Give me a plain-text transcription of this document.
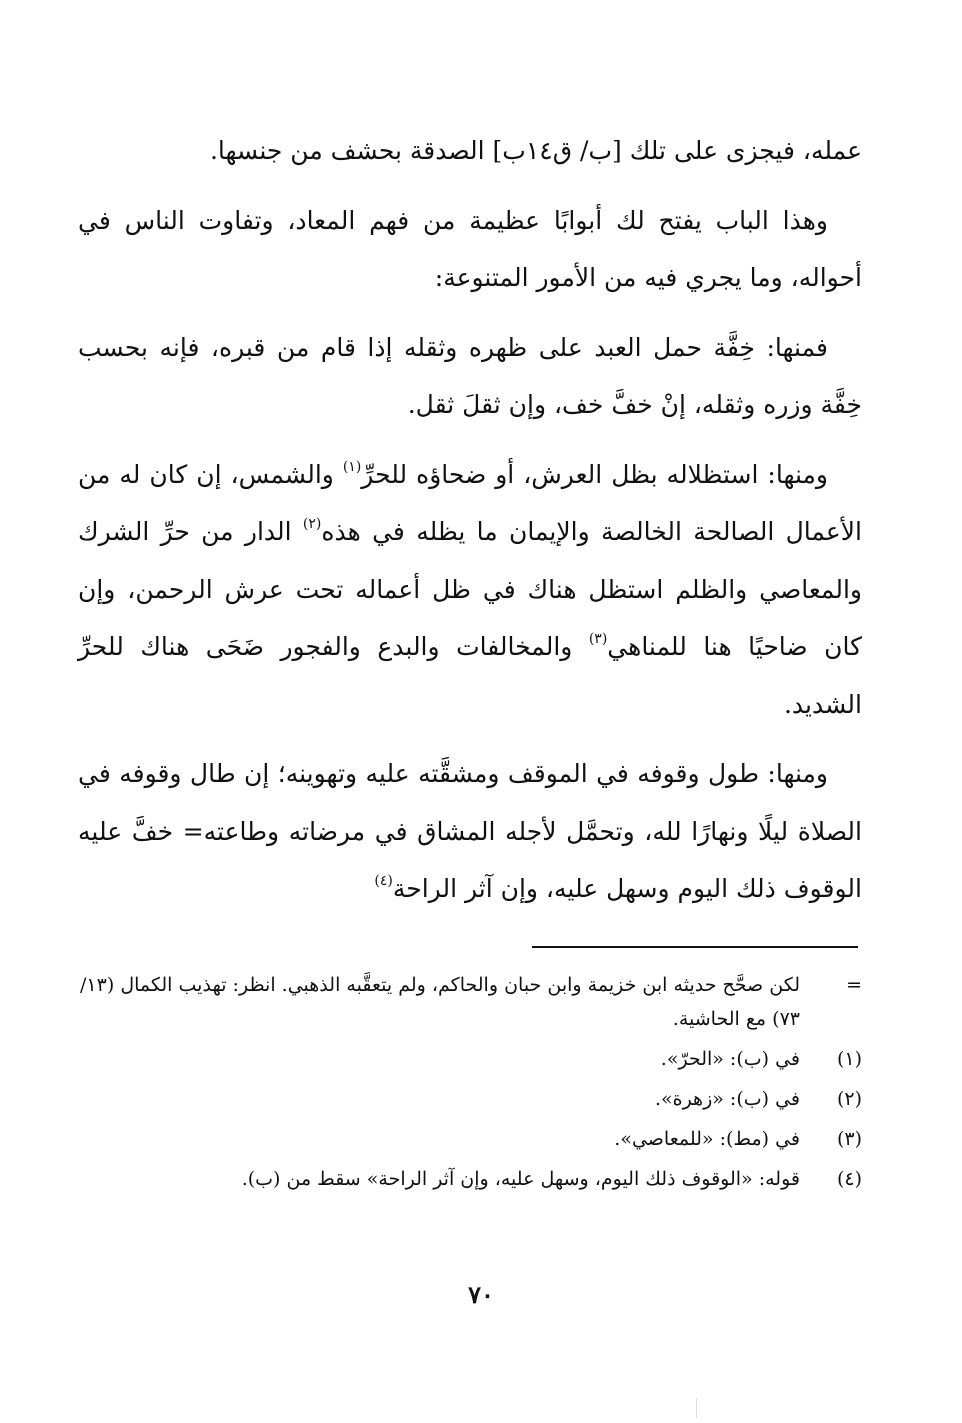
عمله، فيجزى على تلك [ب/ ق١٤ب] الصدقة بحشف من جنسها.

وهذا الباب يفتح لك أبوابًا عظيمة من فهم المعاد، وتفاوت الناس في أحواله، وما يجري فيه من الأمور المتنوعة:

فمنها: خِفَّة حمل العبد على ظهره وثقله إذا قام من قبره، فإنه بحسب خِفَّة وزره وثقله، إنْ خفَّ خف، وإن ثقلَ ثقل.

ومنها: استظلاله بظل العرش، أو ضحاؤه للحرِّ$^{(١)}$ والشمس، إن كان له من الأعمال الصالحة الخالصة والإيمان ما يظله في هذه$^{(٢)}$ الدار من حرِّ الشرك والمعاصي والظلم استظل هناك في ظل أعماله تحت عرش الرحمن، وإن كان ضاحيًا هنا للمناهي$^{(٣)}$ والمخالفات والبدع والفجور ضَحَى هناك للحرِّ الشديد.

ومنها: طول وقوفه في الموقف ومشقَّته عليه وتهوينه؛ إن طال وقوفه في الصلاة ليلًا ونهارًا لله، وتحمَّل لأجله المشاق في مرضاته وطاعته= خفَّ عليه الوقوف ذلك اليوم وسهل عليه، وإن آثر الراحة$^{(٤)}$

=
لكن صحَّح حديثه ابن خزيمة وابن حبان والحاكم، ولم يتعقَّبه الذهبي. انظر: تهذيب الكمال (١٣/ ٧٣) مع الحاشية.
(١)
في (ب): «الحرّ».
(٢)
في (ب): «زهرة».
(٣)
في (مط): «للمعاصي».
(٤)
قوله: «الوقوف ذلك اليوم، وسهل عليه، وإن آثر الراحة» سقط من (ب).
٧٠
